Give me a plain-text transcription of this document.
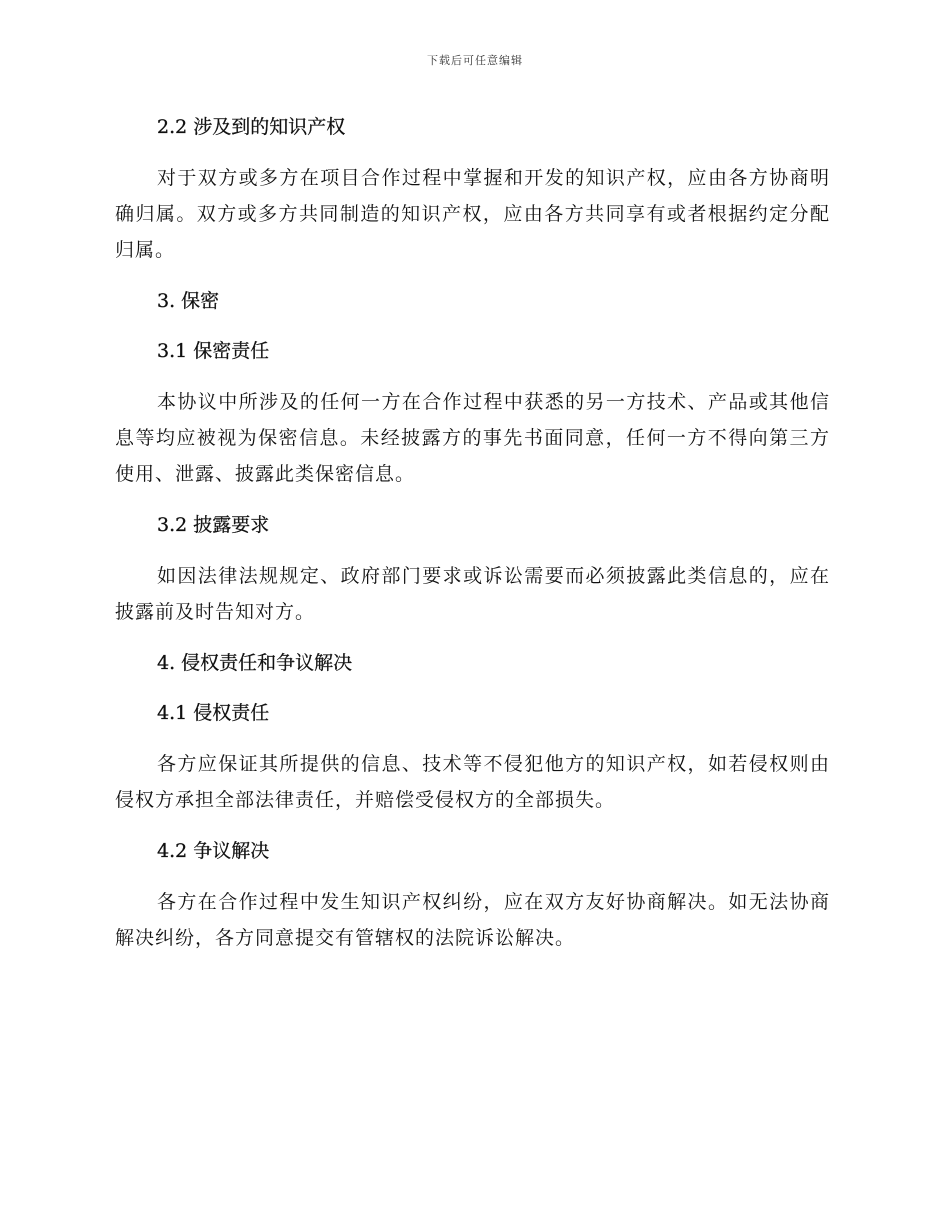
下载后可任意编辑
2.2 涉及到的知识产权

对于双方或多方在项目合作过程中掌握和开发的知识产权，应由各方协商明确归属。双方或多方共同制造的知识产权，应由各方共同享有或者根据约定分配归属。

3. 保密
3.1 保密责任

本协议中所涉及的任何一方在合作过程中获悉的另一方技术、产品或其他信息等均应被视为保密信息。未经披露方的事先书面同意，任何一方不得向第三方使用、泄露、披露此类保密信息。

3.2 披露要求

如因法律法规规定、政府部门要求或诉讼需要而必须披露此类信息的，应在披露前及时告知对方。

4. 侵权责任和争议解决
4.1 侵权责任

各方应保证其所提供的信息、技术等不侵犯他方的知识产权，如若侵权则由侵权方承担全部法律责任，并赔偿受侵权方的全部损失。

4.2 争议解决

各方在合作过程中发生知识产权纠纷，应在双方友好协商解决。如无法协商解决纠纷，各方同意提交有管辖权的法院诉讼解决。
